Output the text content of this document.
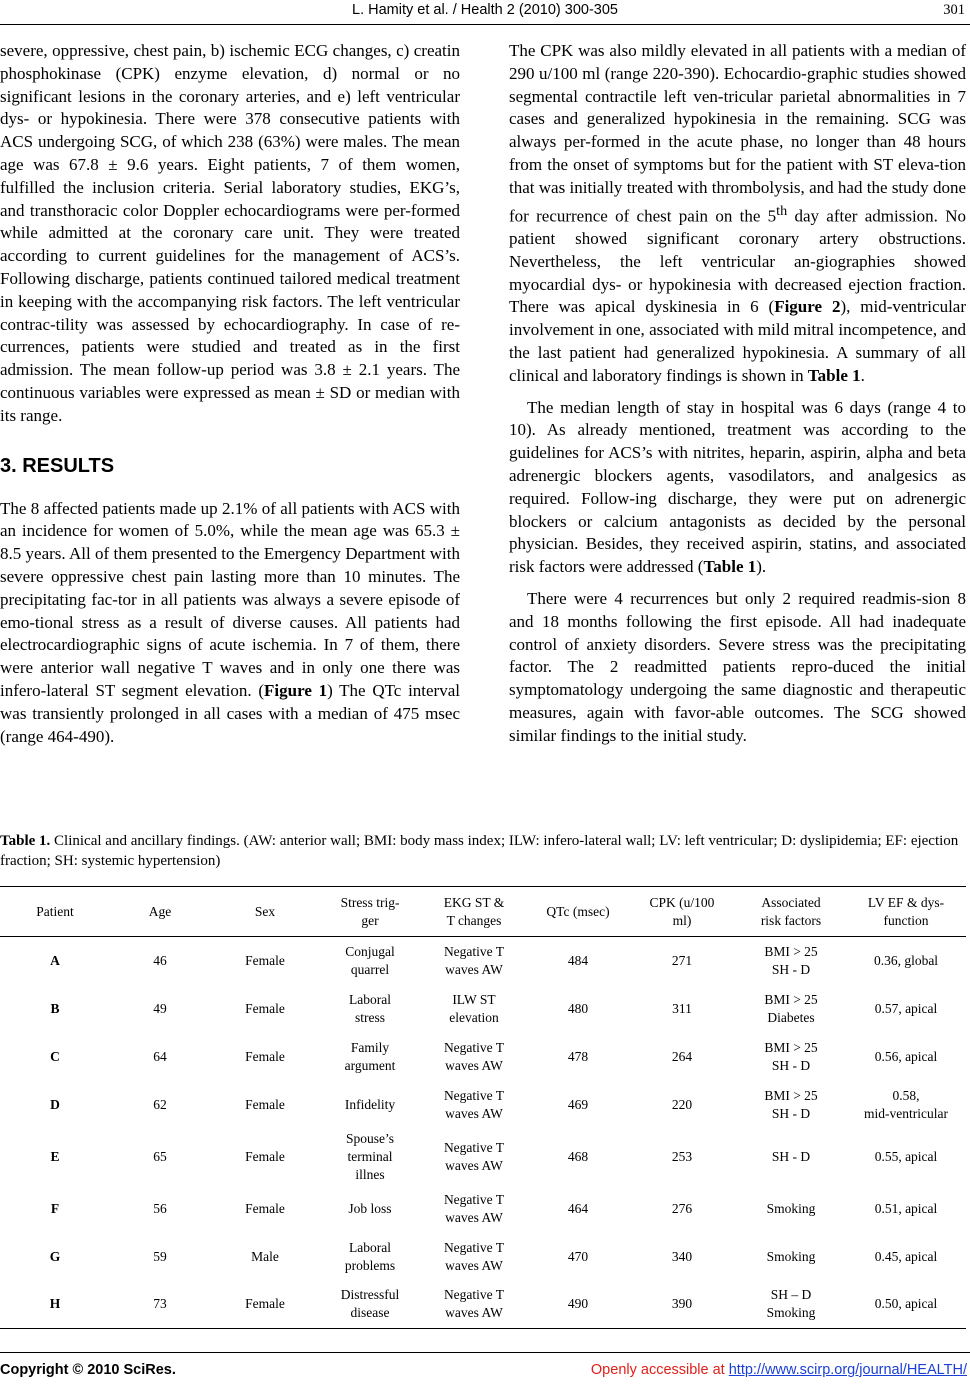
L. Hamity et al. / Health 2 (2010) 300-305	301

severe, oppressive, chest pain, b) ischemic ECG changes, c) creatin phosphokinase (CPK) enzyme elevation, d) normal or no significant lesions in the coronary arteries, and e) left ventricular dys- or hypokinesia. There were 378 consecutive patients with ACS undergoing SCG, of which 238 (63%) were males. The mean age was 67.8 ± 9.6 years. Eight patients, 7 of them women, fulfilled the inclusion criteria. Serial laboratory studies, EKG’s, and transthoracic color Doppler echocardiograms were per-formed while admitted at the coronary care unit. They were treated according to current guidelines for the management of ACS’s. Following discharge, patients continued tailored medical treatment in keeping with the accompanying risk factors. The left ventricular contrac-tility was assessed by echocardiography. In case of re-currences, patients were studied and treated as in the first admission. The mean follow-up period was 3.8 ± 2.1 years. The continuous variables were expressed as mean ± SD or median with its range.

3. RESULTS

The 8 affected patients made up 2.1% of all patients with ACS with an incidence for women of 5.0%, while the mean age was 65.3 ± 8.5 years. All of them presented to the Emergency Department with severe oppressive chest pain lasting more than 10 minutes. The precipitating fac-tor in all patients was always a severe episode of emo-tional stress as a result of diverse causes. All patients had electrocardiographic signs of acute ischemia. In 7 of them, there were anterior wall negative T waves and in only one there was infero-lateral ST segment elevation. (Figure 1) The QTc interval was transiently prolonged in all cases with a median of 475 msec (range 464-490).

The CPK was also mildly elevated in all patients with a median of 290 u/100 ml (range 220-390). Echocardio-graphic studies showed segmental contractile left ven-tricular parietal abnormalities in 7 cases and generalized hypokinesia in the remaining. SCG was always per-formed in the acute phase, no longer than 48 hours from the onset of symptoms but for the patient with ST eleva-tion that was initially treated with thrombolysis, and had the study done for recurrence of chest pain on the 5th day after admission. No patient showed significant coronary artery obstructions. Nevertheless, the left ventricular an-giographies showed myocardial dys- or hypokinesia with decreased ejection fraction. There was apical dyskinesia in 6 (Figure 2), mid-ventricular involvement in one, associated with mild mitral incompetence, and the last patient had generalized hypokinesia. A summary of all clinical and laboratory findings is shown in Table 1.

The median length of stay in hospital was 6 days (range 4 to 10). As already mentioned, treatment was according to the guidelines for ACS’s with nitrites, heparin, aspirin, alpha and beta adrenergic blockers agents, vasodilators, and analgesics as required. Follow-ing discharge, they were put on adrenergic blockers or calcium antagonists as decided by the personal physician. Besides, they received aspirin, statins, and associated risk factors were addressed (Table 1).

There were 4 recurrences but only 2 required readmis-sion 8 and 18 months following the first episode. All had inadequate control of anxiety disorders. Severe stress was the precipitating factor. The 2 readmitted patients repro-duced the initial symptomatology undergoing the same diagnostic and therapeutic measures, again with favor-able outcomes. The SCG showed similar findings to the initial study.

Table 1. Clinical and ancillary findings. (AW: anterior wall; BMI: body mass index; ILW: infero-lateral wall; LV: left ventricular; D: dyslipidemia; EF: ejection fraction; SH: systemic hypertension)
Patient	Age	Sex	Stress trig-
ger	EKG ST &
T changes	QTc (msec)	CPK (u/100
ml)	Associated
risk factors	LV EF & dys-
function
A	46	Female	Conjugal
quarrel	Negative T
waves AW	484	271	BMI > 25
SH - D	0.36, global
B	49	Female	Laboral
stress	ILW ST
elevation	480	311	BMI > 25
Diabetes	0.57, apical
C	64	Female	Family
argument	Negative T
waves AW	478	264	BMI > 25
SH - D	0.56, apical
D	62	Female	Infidelity	Negative T
waves AW	469	220	BMI > 25
SH - D	0.58,
mid-ventricular
E	65	Female	Spouse’s
terminal
illnes	Negative T
waves AW	468	253	SH - D	0.55, apical
F	56	Female	Job loss	Negative T
waves AW	464	276	Smoking	0.51, apical
G	59	Male	Laboral
problems	Negative T
waves AW	470	340	Smoking	0.45, apical
H	73	Female	Distressful
disease	Negative T
waves AW	490	390	SH – D
Smoking	0.50, apical
Copyright © 2010 SciRes.	Openly accessible at http://www.scirp.org/journal/HEALTH/
